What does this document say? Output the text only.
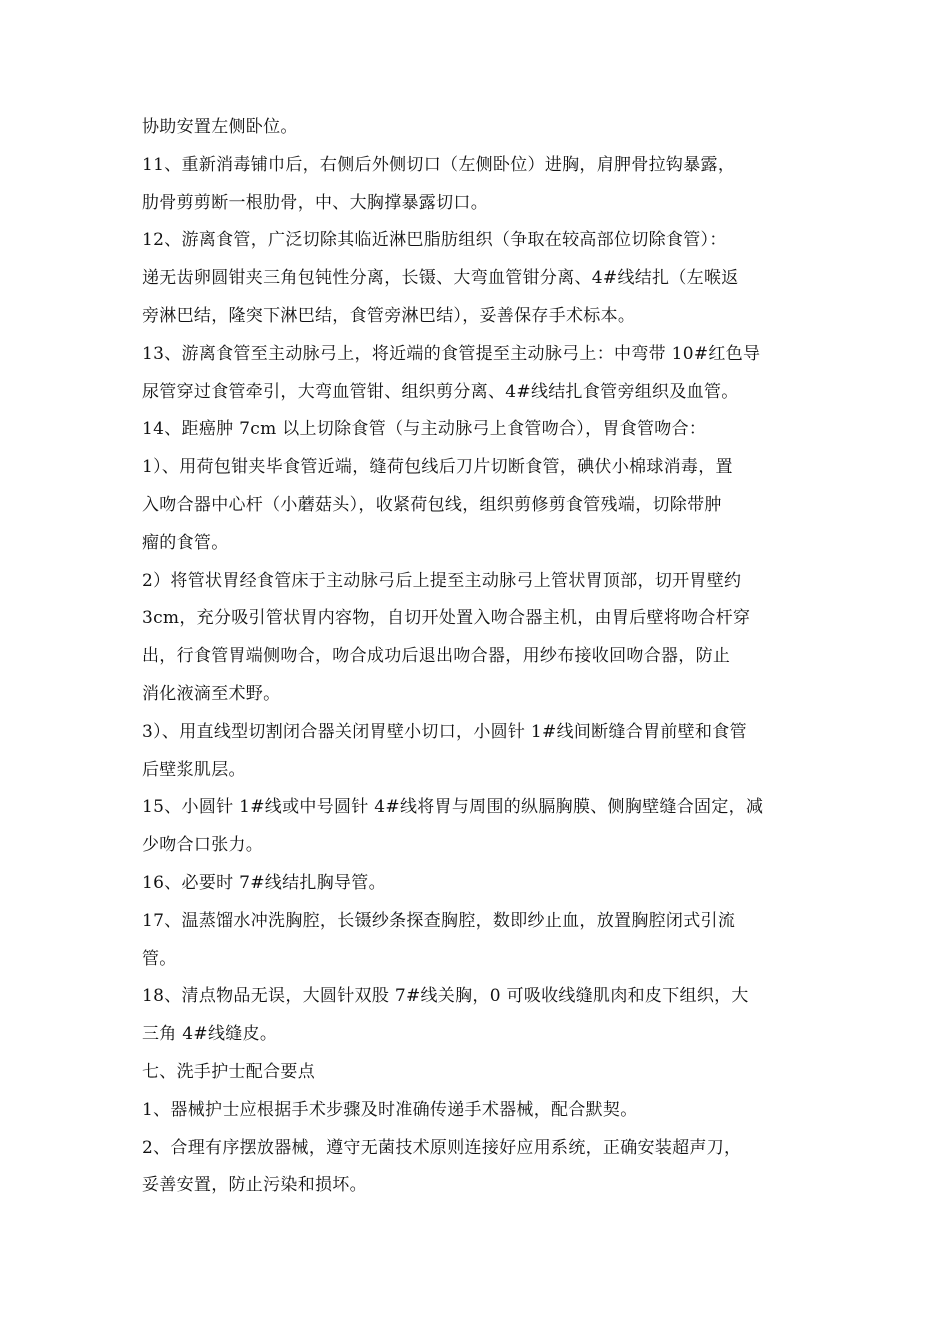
协助安置左侧卧位。
11、重新消毒铺巾后，右侧后外侧切口（左侧卧位）进胸，肩胛骨拉钩暴露，
肋骨剪剪断一根肋骨，中、大胸撑暴露切口。
12、游离食管，广泛切除其临近淋巴脂肪组织（争取在较高部位切除食管）：
递无齿卵圆钳夹三角包钝性分离，长镊、大弯血管钳分离、4#线结扎（左喉返
旁淋巴结，隆突下淋巴结，食管旁淋巴结），妥善保存手术标本。
13、游离食管至主动脉弓上，将近端的食管提至主动脉弓上：中弯带 10#红色导
尿管穿过食管牵引，大弯血管钳、组织剪分离、4#线结扎食管旁组织及血管。
14、距癌肿 7cm 以上切除食管（与主动脉弓上食管吻合），胃食管吻合：
1）、用荷包钳夹毕食管近端，缝荷包线后刀片切断食管，碘伏小棉球消毒，置
入吻合器中心杆（小蘑菇头），收紧荷包线，组织剪修剪食管残端，切除带肿
瘤的食管。
2）将管状胃经食管床于主动脉弓后上提至主动脉弓上管状胃顶部，切开胃壁约
3cm，充分吸引管状胃内容物，自切开处置入吻合器主机，由胃后壁将吻合杆穿
出，行食管胃端侧吻合，吻合成功后退出吻合器，用纱布接收回吻合器，防止
消化液滴至术野。
3）、用直线型切割闭合器关闭胃壁小切口，小圆针 1#线间断缝合胃前壁和食管
后壁浆肌层。
15、小圆针 1#线或中号圆针 4#线将胃与周围的纵膈胸膜、侧胸壁缝合固定，减
少吻合口张力。
16、必要时 7#线结扎胸导管。
17、温蒸馏水冲洗胸腔，长镊纱条探查胸腔，数即纱止血，放置胸腔闭式引流
管。
18、清点物品无误，大圆针双股 7#线关胸，0 可吸收线缝肌肉和皮下组织，大
三角 4#线缝皮。
七、洗手护士配合要点
1、器械护士应根据手术步骤及时准确传递手术器械，配合默契。
2、合理有序摆放器械，遵守无菌技术原则连接好应用系统，正确安装超声刀，
妥善安置，防止污染和损坏。
